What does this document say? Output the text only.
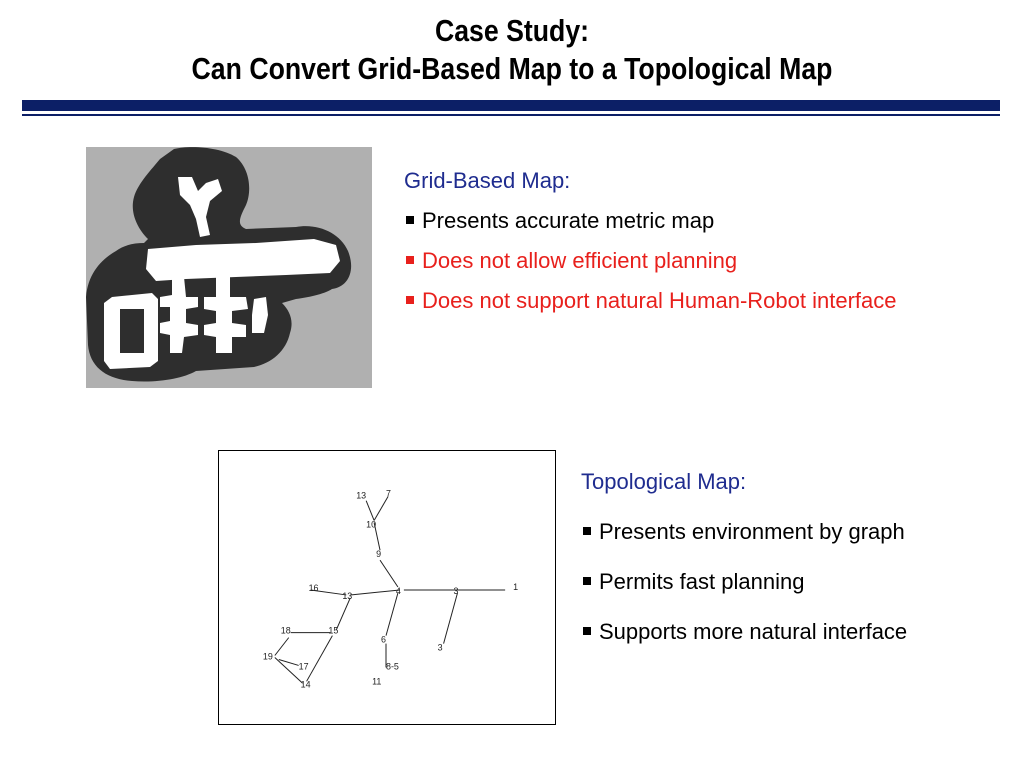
Case Study:
Can Convert Grid-Based Map to a Topological Map
Grid-Based Map:
Presents accurate metric map
Does not allow efficient planning
Does not support natural Human-Robot interface
13 7
10
9
16
13	4	3	1
18	15
6
3
19
17	8-5
14	11
Topological Map:
Presents environment by graph
Permits fast planning
Supports more natural interface
